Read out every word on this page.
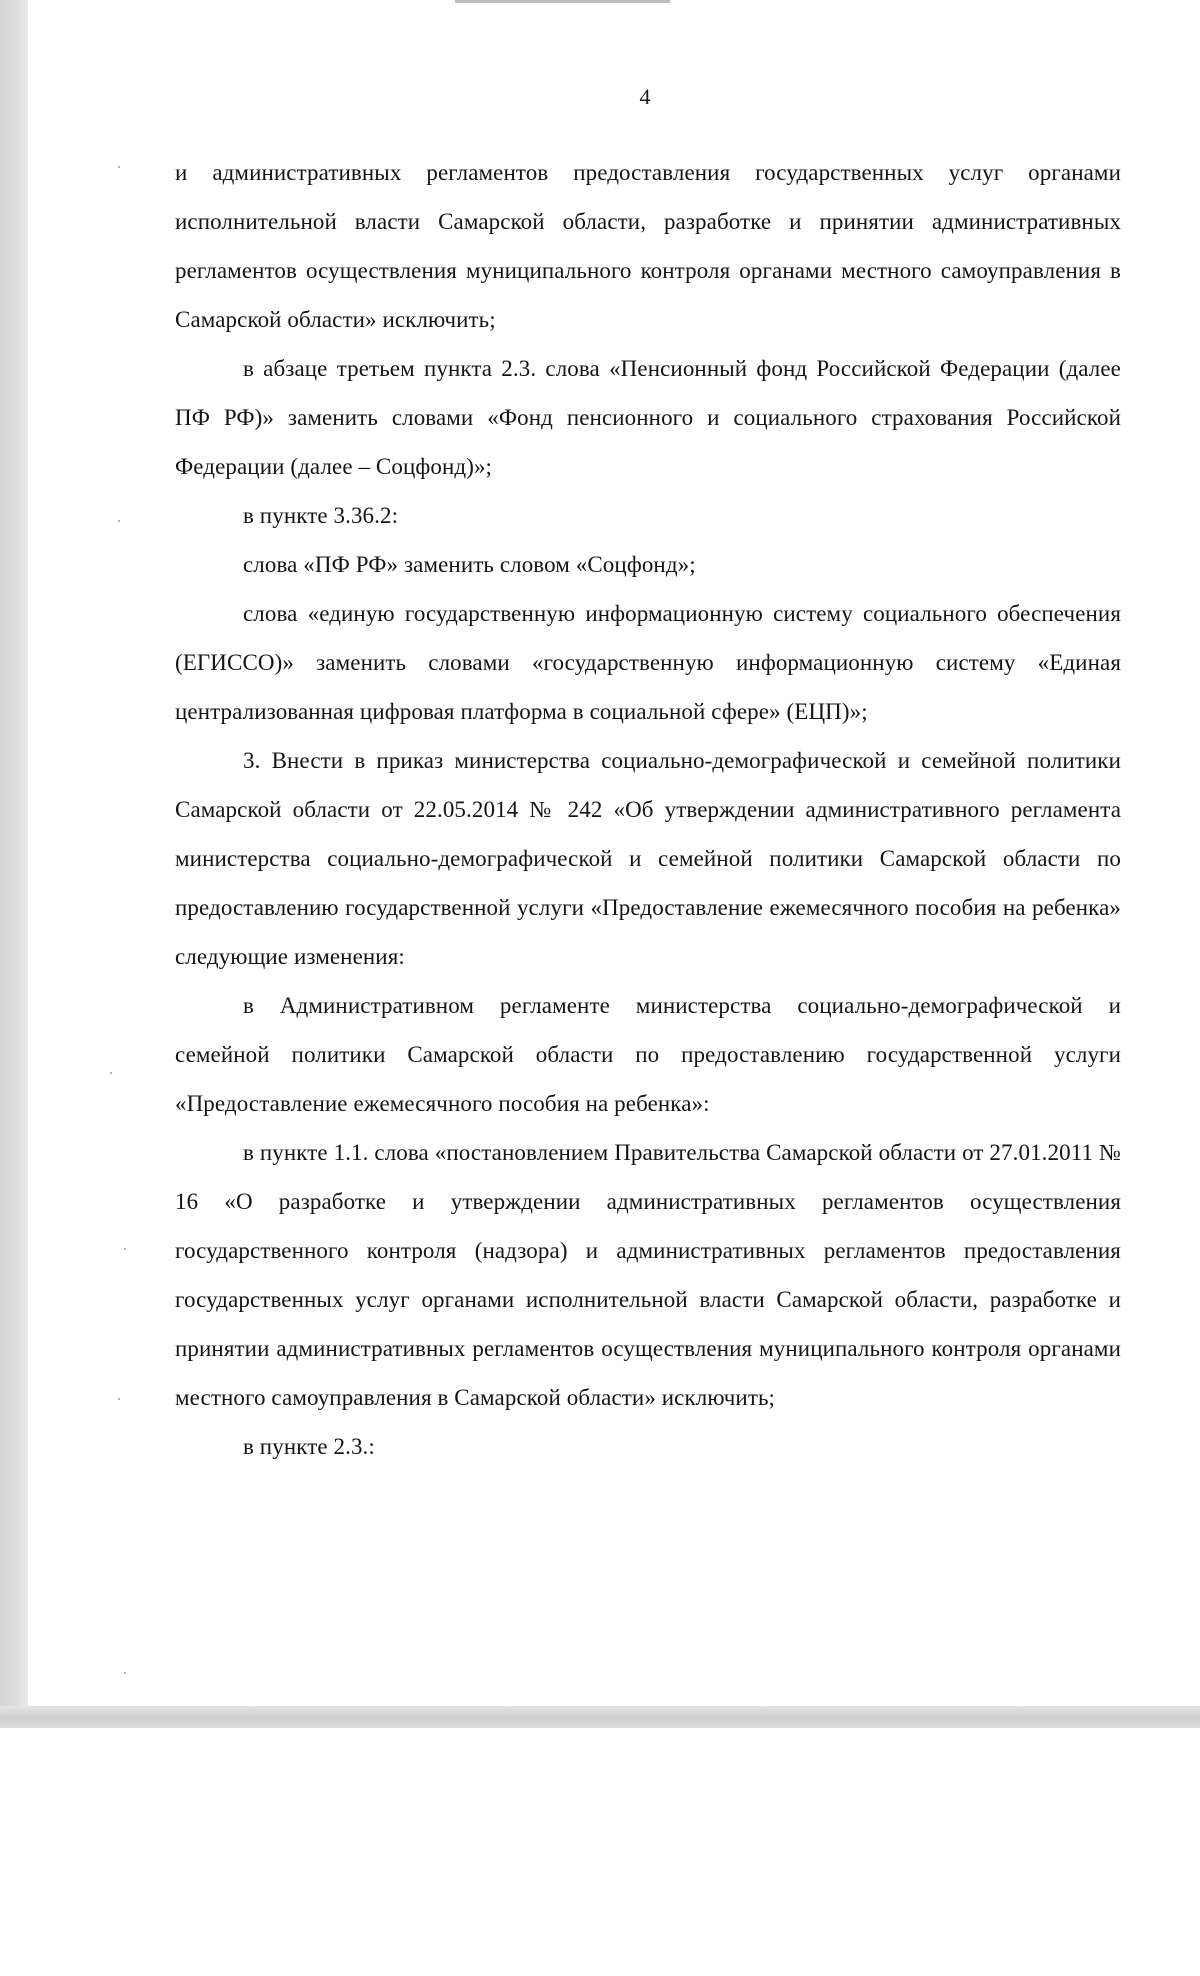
4

и административных регламентов предоставления государственных услуг органами исполнительной власти Самарской области, разработке и принятии административных регламентов осуществления муниципального контроля органами местного самоуправления в Самарской области» исключить;

в абзаце третьем пункта 2.3. слова «Пенсионный фонд Российской Федерации (далее ПФ РФ)» заменить словами «Фонд пенсионного и социального страхования Российской Федерации (далее – Соцфонд)»;

в пункте 3.36.2:

слова «ПФ РФ» заменить словом «Соцфонд»;

слова «единую государственную информационную систему социального обеспечения (ЕГИССО)» заменить словами «государственную информационную систему «Единая централизованная цифровая платформа в социальной сфере» (ЕЦП)»;

3. Внести в приказ министерства социально-демографической и семейной политики Самарской области от 22.05.2014 № 242 «Об утверждении административного регламента министерства социально-демографической и семейной политики Самарской области по предоставлению государственной услуги «Предоставление ежемесячного пособия на ребенка» следующие изменения:

в Административном регламенте министерства социально-демографической и семейной политики Самарской области по предоставлению государственной услуги «Предоставление ежемесячного пособия на ребенка»:

в пункте 1.1. слова «постановлением Правительства Самарской области от 27.01.2011 № 16 «О разработке и утверждении административных регламентов осуществления государственного контроля (надзора) и административных регламентов предоставления государственных услуг органами исполнительной власти Самарской области, разработке и принятии административных регламентов осуществления муниципального контроля органами местного самоуправления в Самарской области» исключить;

в пункте 2.3.:
